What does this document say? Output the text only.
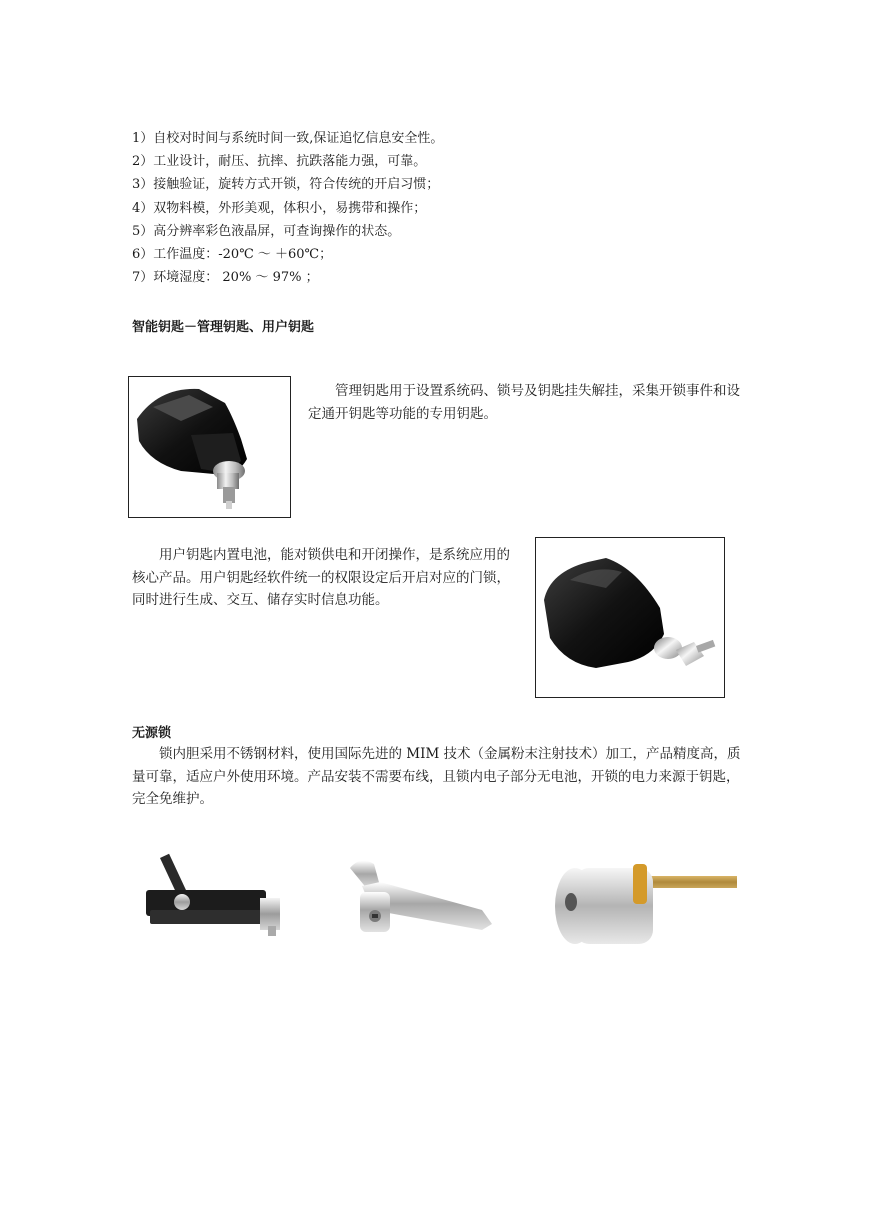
1）自校对时间与系统时间一致,保证追忆信息安全性。
2）工业设计，耐压、抗摔、抗跌落能力强，可靠。
3）接触验证，旋转方式开锁，符合传统的开启习惯；
4）双物料模，外形美观，体积小，易携带和操作；
5）高分辨率彩色液晶屏，可查询操作的状态。
6）工作温度：-20℃ ～ ＋60℃；
7）环境湿度： 20% ～ 97% ；
智能钥匙－管理钥匙、用户钥匙

管理钥匙用于设置系统码、锁号及钥匙挂失解挂，采集开锁事件和设定通开钥匙等功能的专用钥匙。

用户钥匙内置电池，能对锁供电和开闭操作，是系统应用的核心产品。用户钥匙经软件统一的权限设定后开启对应的门锁，同时进行生成、交互、储存实时信息功能。

无源锁

锁内胆采用不锈钢材料，使用国际先进的 MIM 技术（金属粉末注射技术）加工，产品精度高，质量可靠，适应户外使用环境。产品安装不需要布线，且锁内电子部分无电池，开锁的电力来源于钥匙，完全免维护。
